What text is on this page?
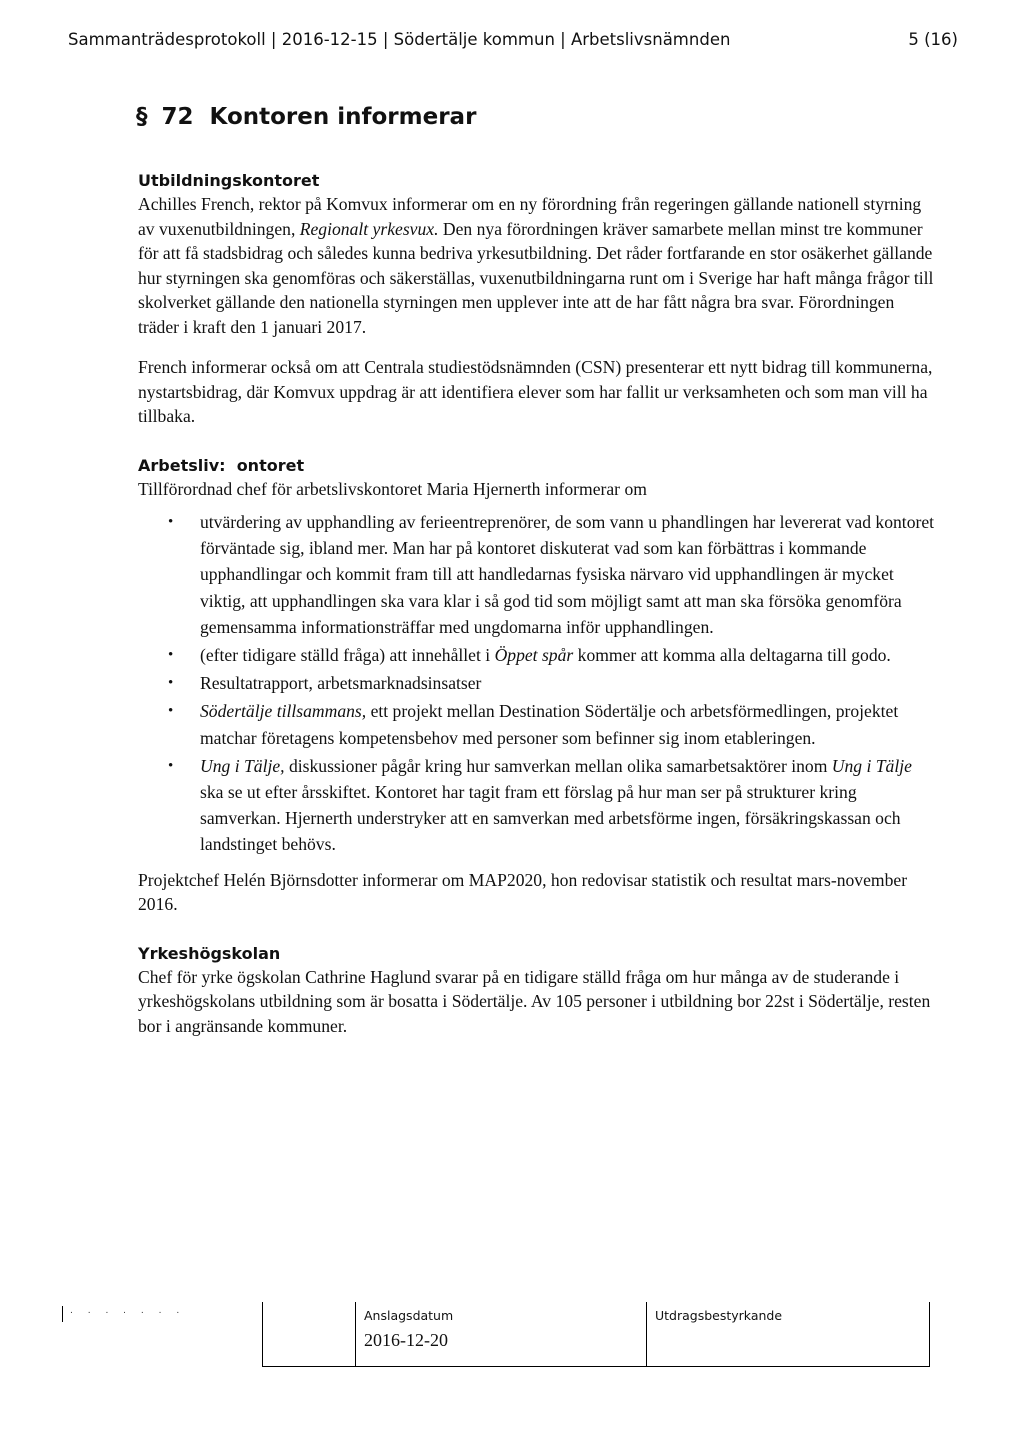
Sammanträdesprotokoll | 2016-12-15 | Södertälje kommun | Arbetslivsnämnden	5 (16)
§ 72  Kontoren informerar
Utbildningskontoret

Achilles French, rektor på Komvux informerar om en ny förordning från regeringen gällande nationell styrning av vuxenutbildningen, Regionalt yrkesvux. Den nya förordningen kräver samarbete mellan minst tre kommuner för att få stadsbidrag och således kunna bedriva yrkesutbildning. Det råder fortfarande en stor osäkerhet gällande hur styrningen ska genomföras och säkerställas, vuxenutbildningarna runt om i Sverige har haft många frågor till skolverket gällande den nationella styrningen men upplever inte att de har fått några bra svar. Förordningen träder i kraft den 1 januari 2017.

French informerar också om att Centrala studiestödsnämnden (CSN) presenterar ett nytt bidrag till kommunerna, nystartsbidrag, där Komvux uppdrag är att identifiera elever som har fallit ur verksamheten och som man vill ha tillbaka.

Arbetsliv:  ontoret

Tillförordnad chef för arbetslivskontoret Maria Hjernerth informerar om

• utvärdering av upphandling av ferieentreprenörer, de som vann u phandlingen har levererat vad kontoret förväntade sig, ibland mer. Man har på kontoret diskuterat vad som kan förbättras i kommande upphandlingar och kommit fram till att handledarnas fysiska närvaro vid upphandlingen är mycket viktig, att upphandlingen ska vara klar i så god tid som möjligt samt att man ska försöka genomföra gemensamma informationsträffar med ungdomarna inför upphandlingen.
• (efter tidigare ställd fråga) att innehållet i Öppet spår kommer att komma alla deltagarna till godo.
• Resultatrapport, arbetsmarknadsinsatser
• Södertälje tillsammans, ett projekt mellan Destination Södertälje och arbetsförmedlingen, projektet matchar företagens kompetensbehov med personer som befinner sig inom etableringen.
• Ung i Tälje, diskussioner pågår kring hur samverkan mellan olika samarbetsaktörer inom Ung i Tälje ska se ut efter årsskiftet. Kontoret har tagit fram ett förslag på hur man ser på strukturer kring samverkan. Hjernerth understryker att en samverkan med arbetsförme ingen, försäkringskassan och landstinget behövs.

Projektchef Helén Björnsdotter informerar om MAP2020, hon redovisar statistik och resultat mars-november 2016.

Yrkeshögskolan

Chef för yrke ögskolan Cathrine Haglund svarar på en tidigare ställd fråga om hur många av de studerande i yrkeshögskolans utbildning som är bosatta i Södertälje. Av 105 personer i utbildning bor 22st i Södertälje, resten bor i angränsande kommuner.

. . . . . . .	Anslagsdatum
2016-12-20
Utdragsbestyrkande
